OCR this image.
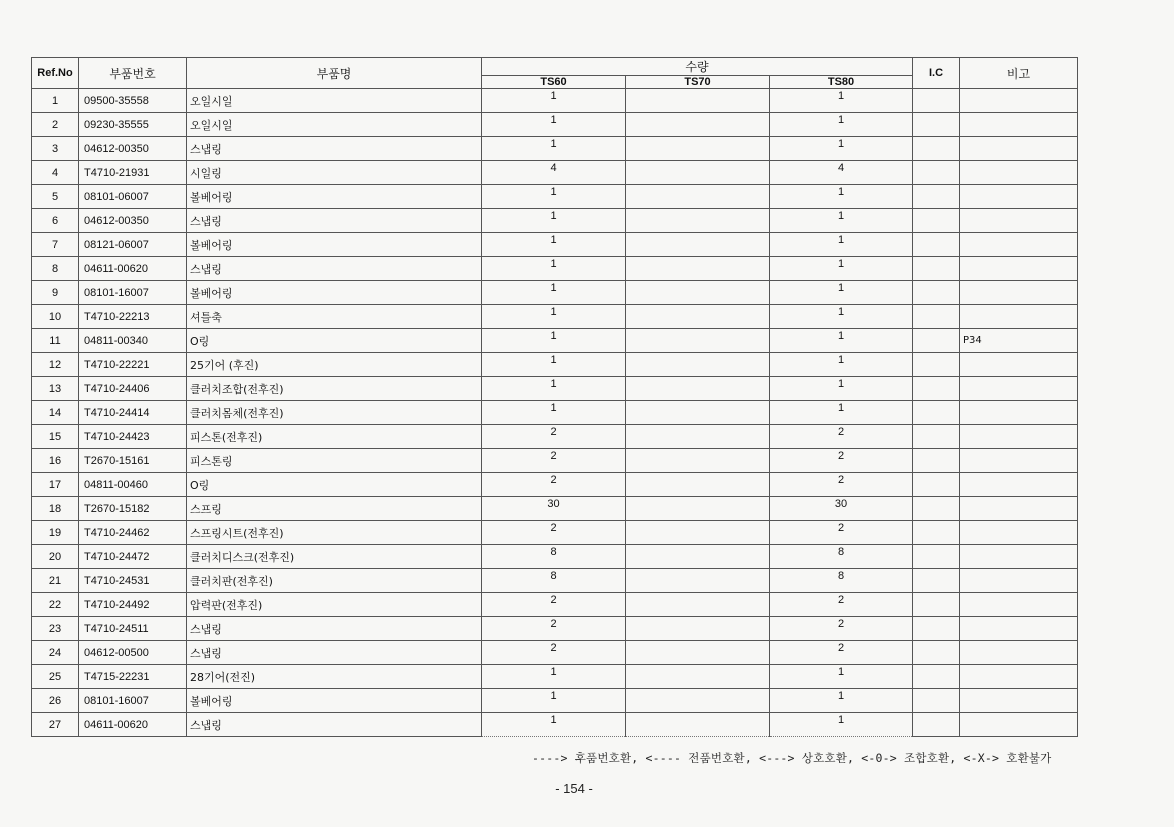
Ref.No	부품번호	부품명	수량			I.C	비고
			TS60	TS70	TS80		
1	09500-35558	오일시일	1		1		
2	09230-35555	오일시일	1		1		
3	04612-00350	스냅링	1		1		
4	T4710-21931	시일링	4		4		
5	08101-06007	볼베어링	1		1		
6	04612-00350	스냅링	1		1		
7	08121-06007	볼베어링	1		1		
8	04611-00620	스냅링	1		1		
9	08101-16007	볼베어링	1		1		
10	T4710-22213	셔틀축	1		1		
11	04811-00340	O링	1		1		P34
12	T4710-22221	25기어 (후진)	1		1		
13	T4710-24406	클러치조합(전후진)	1		1		
14	T4710-24414	클러치몸체(전후진)	1		1		
15	T4710-24423	피스톤(전후진)	2		2		
16	T2670-15161	피스톤링	2		2		
17	04811-00460	O링	2		2		
18	T2670-15182	스프링	30		30		
19	T4710-24462	스프링시트(전후진)	2		2		
20	T4710-24472	클러치디스크(전후진)	8		8		
21	T4710-24531	클러치판(전후진)	8		8		
22	T4710-24492	압력판(전후진)	2		2		
23	T4710-24511	스냅링	2		2		
24	04612-00500	스냅링	2		2		
25	T4715-22231	28기어(전진)	1		1		
26	08101-16007	볼베어링	1		1		
27	04611-00620	스냅링	1		1		
----> 후품번호환, <---- 전품번호환, <---> 상호호환, <-0-> 조합호환, <-X-> 호환불가
- 154 -
